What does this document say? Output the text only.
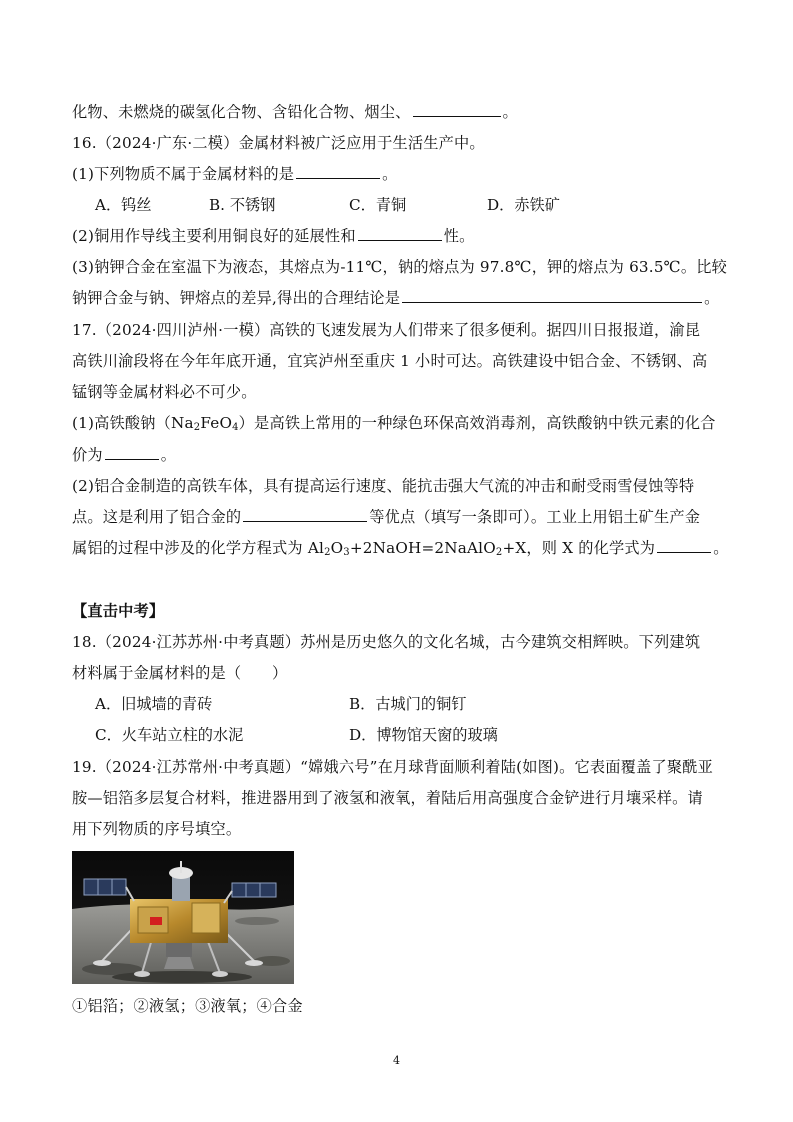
化物、未燃烧的碳氢化合物、含铅化合物、烟尘、	。
16.（2024·广东·二模）金属材料被广泛应用于生活生产中。
(1)下列物质不属于金属材料的是	。
A．钨丝	B. 不锈钢	C．青铜	D．赤铁矿
(2)铜用作导线主要利用铜良好的延展性和	性。
(3)钠钾合金在室温下为液态，其熔点为-11℃，钠的熔点为 97.8℃，钾的熔点为 63.5℃。比较
钠钾合金与钠、钾熔点的差异,得出的合理结论是	。
17.（2024·四川泸州·一模）高铁的飞速发展为人们带来了很多便利。据四川日报报道，渝昆
高铁川渝段将在今年年底开通，宜宾泸州至重庆 1 小时可达。高铁建设中铝合金、不锈钢、高
锰钢等金属材料必不可少。
(1)高铁酸钠$(Na_2FeO_4)$是高铁上常用的一种绿色环保高效消毒剂，高铁酸钠中铁元素的化合
价为	。
(2)铝合金制造的高铁车体，具有提高运行速度、能抗击强大气流的冲击和耐受雨雪侵蚀等特
点。这是利用了铝合金的	等优点（填写一条即可）。工业上用铝土矿生产金
属铝的过程中涉及的化学方程式为 $Al_2O_3+2NaOH=2NaAlO_2+X$，则 X 的化学式为	。
【直击中考】
18.（2024·江苏苏州·中考真题）苏州是历史悠久的文化名城，古今建筑交相辉映。下列建筑
材料属于金属材料的是（　　）
A．旧城墙的青砖	B．古城门的铜钉
C．火车站立柱的水泥	D．博物馆天窗的玻璃
19.（2024·江苏常州·中考真题）“嫦娥六号”在月球背面顺利着陆(如图)。它表面覆盖了聚酰亚
胺—铝箔多层复合材料，推进器用到了液氢和液氧，着陆后用高强度合金铲进行月壤采样。请
用下列物质的序号填空。
①铝箔；②液氢；③液氧；④合金
4
